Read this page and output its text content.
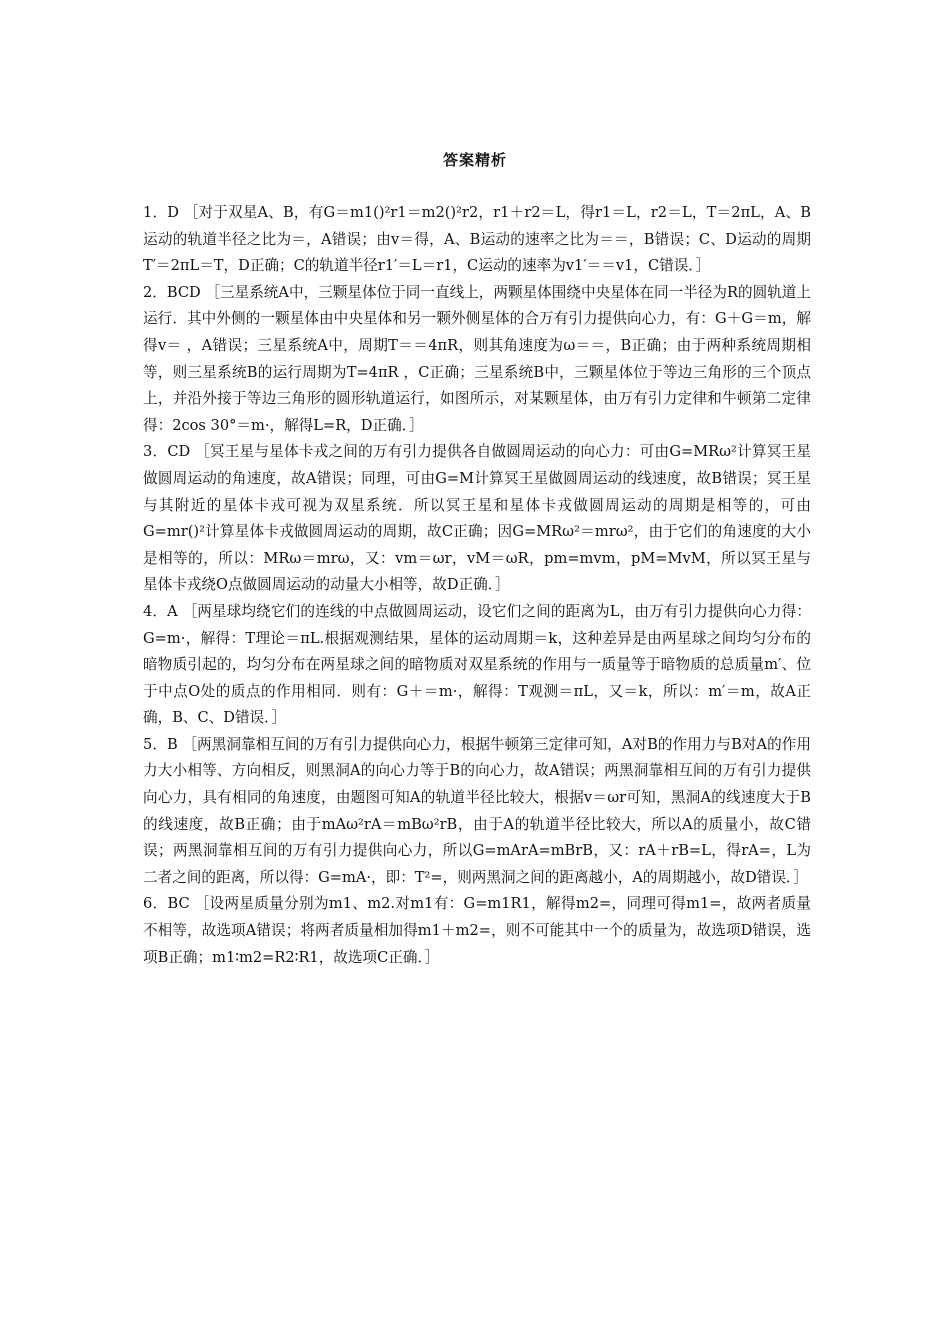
答案精析

1．D ［对于双星A、B，有G＝m1()²r1＝m2()²r2，r1＋r2＝L，得r1＝L，r2＝L，T＝2πL，A、B运动的轨道半径之比为＝，A错误；由v＝得，A、B运动的速率之比为＝＝，B错误；C、D运动的周期T′＝2πL＝T，D正确；C的轨道半径r1′＝L＝r1，C运动的速率为v1′＝＝v1，C错误．］

2．BCD ［三星系统A中，三颗星体位于同一直线上，两颗星体围绕中央星体在同一半径为R的圆轨道上运行．其中外侧的一颗星体由中央星体和另一颗外侧星体的合万有引力提供向心力，有：G＋G＝m，解得v＝ ，A错误；三星系统A中，周期T＝＝4πR，则其角速度为ω＝＝，B正确；由于两种系统周期相等，则三星系统B的运行周期为T=4πR ，C正确；三星系统B中，三颗星体位于等边三角形的三个顶点上，并沿外接于等边三角形的圆形轨道运行，如图所示，对某颗星体，由万有引力定律和牛顿第二定律得：2cos 30°＝m·，解得L=R，D正确．］

3．CD ［冥王星与星体卡戎之间的万有引力提供各自做圆周运动的向心力：可由G=MRω²计算冥王星做圆周运动的角速度，故A错误；同理，可由G=M计算冥王星做圆周运动的线速度，故B错误；冥王星与其附近的星体卡戎可视为双星系统．所以冥王星和星体卡戎做圆周运动的周期是相等的，可由G=mr()²计算星体卡戎做圆周运动的周期，故C正确；因G=MRω²＝mrω²，由于它们的角速度的大小是相等的，所以：MRω＝mrω，又：vm＝ωr，vM＝ωR，pm=mvm，pM=MvM，所以冥王星与星体卡戎绕O点做圆周运动的动量大小相等，故D正确．］

4．A ［两星球均绕它们的连线的中点做圆周运动，设它们之间的距离为L，由万有引力提供向心力得：G=m·，解得：T理论＝πL.根据观测结果，星体的运动周期＝k，这种差异是由两星球之间均匀分布的暗物质引起的，均匀分布在两星球之间的暗物质对双星系统的作用与一质量等于暗物质的总质量m′、位于中点O处的质点的作用相同．则有：G＋＝m·，解得：T观测＝πL，又＝k，所以：m′＝m，故A正确，B、C、D错误．］

5．B ［两黑洞靠相互间的万有引力提供向心力，根据牛顿第三定律可知，A对B的作用力与B对A的作用力大小相等、方向相反，则黑洞A的向心力等于B的向心力，故A错误；两黑洞靠相互间的万有引力提供向心力，具有相同的角速度，由题图可知A的轨道半径比较大，根据v＝ωr可知，黑洞A的线速度大于B的线速度，故B正确；由于mAω²rA＝mBω²rB，由于A的轨道半径比较大，所以A的质量小，故C错误；两黑洞靠相互间的万有引力提供向心力，所以G=mArA=mBrB，又：rA＋rB=L，得rA=，L为二者之间的距离，所以得：G=mA·，即：T²=，则两黑洞之间的距离越小，A的周期越小，故D错误．］

6．BC ［设两星质量分别为m1、m2.对m1有：G=m1R1，解得m2=，同理可得m1=，故两者质量不相等，故选项A错误；将两者质量相加得m1＋m2=，则不可能其中一个的质量为，故选项D错误，选项B正确；m1∶m2=R2∶R1，故选项C正确．］
